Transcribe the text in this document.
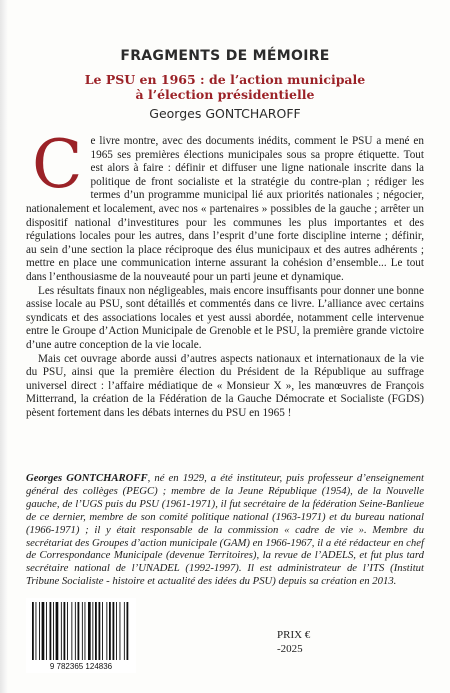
FRAGMENTS DE MÉMOIRE
Le PSU en 1965 : de l’action municipale
à l’élection présidentielle
Georges GONTCHAROFF

Ce livre montre, avec des documents inédits, comment le PSU a mené en 1965 ses premières élections municipales sous sa propre étiquette. Tout est alors à faire : définir et diffuser une ligne nationale inscrite dans la politique de front socialiste et la stratégie du contre-plan ; rédiger les termes d’un programme municipal lié aux priorités nationales ; négocier, nationalement et localement, avec nos « partenaires » possibles de la gauche ; arrêter un dispositif national d’investitures pour les communes les plus importantes et des régulations locales pour les autres, dans l’esprit d’une forte discipline interne ; définir, au sein d’une section la place réciproque des élus municipaux et des autres adhérents ; mettre en place une communication interne assurant la cohésion d’ensemble... Le tout dans l’enthousiasme de la nouveauté pour un parti jeune et dynamique.

Les résultats finaux non négligeables, mais encore insuffisants pour donner une bonne assise locale au PSU, sont détaillés et commentés dans ce livre. L’alliance avec certains syndicats et des associations locales et yest aussi abordée, notamment celle intervenue entre le Groupe d’Action Municipale de Grenoble et le PSU, la première grande victoire d’une autre conception de la vie locale.

Mais cet ouvrage aborde aussi d’autres aspects nationaux et internationaux de la vie du PSU, ainsi que la première élection du Président de la République au suffrage universel direct : l’affaire médiatique de « Monsieur X », les manœuvres de François Mitterrand, la création de la Fédération de la Gauche Démocrate et Socialiste (FGDS) pèsent fortement dans les débats internes du PSU en 1965 !

Georges GONTCHAROFF, né en 1929, a été instituteur, puis professeur d’enseignement général des collèges (PEGC) ; membre de la Jeune République (1954), de la Nouvelle gauche, de l’UGS puis du PSU (1961-1971), il fut secrétaire de la fédération Seine-Banlieue de ce dernier, membre de son comité politique national (1963-1971) et du bureau national (1966-1971) ; il y était responsable de la commission « cadre de vie ». Membre du secrétariat des Groupes d’action municipale (GAM) en 1966-1967, il a été rédacteur en chef de Correspondance Municipale (devenue Territoires), la revue de l’ADELS, et fut plus tard secrétaire national de l’UNADEL (1992-1997). Il est administrateur de l’ITS (Institut Tribune Socialiste - histoire et actualité des idées du PSU) depuis sa création en 2013.

9 782365 124836
PRIX €
-2025
